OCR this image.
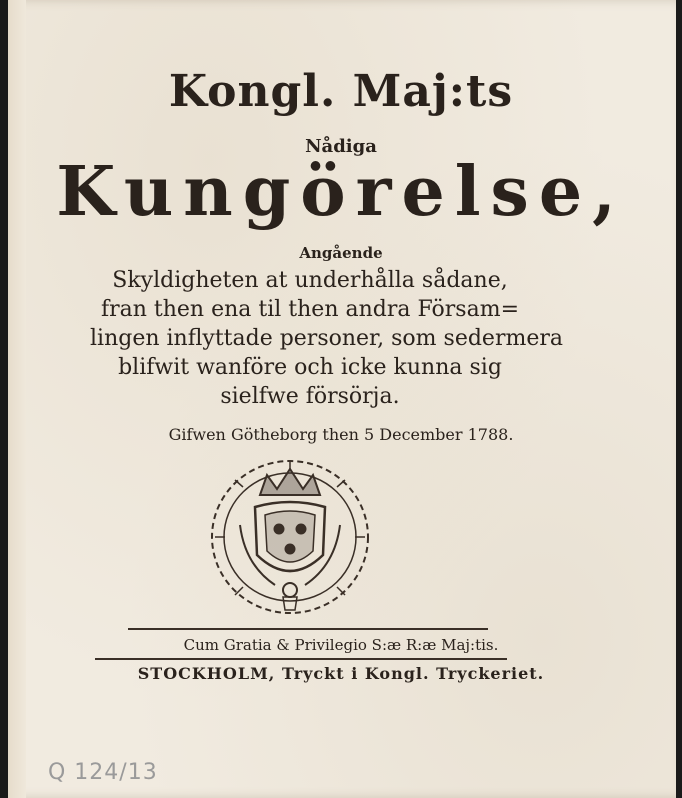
Kongl. Maj:ts
Nådiga
Kungörelse,
Angående
Skyldigheten at underhålla sådane,
fran then ena til then andra Försam=
lingen inflyttade personer, som sedermera
blifwit wanföre och icke kunna sig
sielfwe försörja.
Gifwen Götheborg then 5 December 1788.
Cum Gratia & Privilegio S:æ R:æ Maj:tis.
STOCKHOLM, Tryckt i Kongl. Tryckeriet.
Q 124/13
